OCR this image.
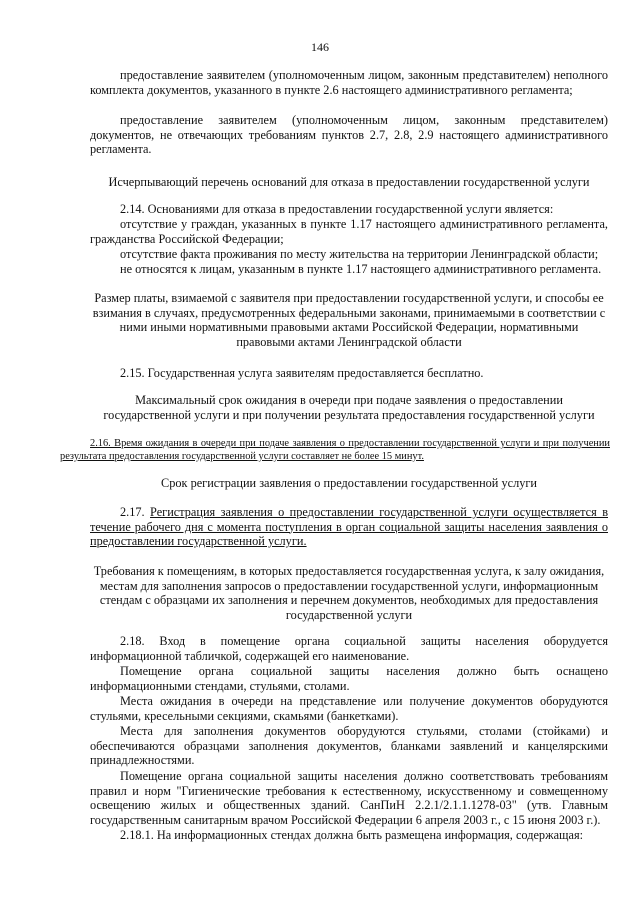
146
предоставление заявителем (уполномоченным лицом, законным представителем) неполного комплекта документов, указанного в пункте 2.6 настоящего административного регламента;
предоставление заявителем (уполномоченным лицом, законным представителем) документов, не отвечающих требованиям пунктов 2.7, 2.8, 2.9 настоящего административного регламента.
Исчерпывающий перечень оснований для отказа в предоставлении государственной услуги
2.14. Основаниями для отказа в предоставлении государственной услуги является:
отсутствие у граждан, указанных в пункте 1.17 настоящего административного регламента, гражданства Российской Федерации;
отсутствие факта проживания по месту жительства на территории Ленинградской области;
не относятся к лицам, указанным в пункте 1.17 настоящего административного регламента.
Размер платы, взимаемой с заявителя при предоставлении государственной услуги, и способы ее взимания в случаях, предусмотренных федеральными законами, принимаемыми в соответствии с ними иными нормативными правовыми актами Российской Федерации, нормативными правовыми актами Ленинградской области
2.15. Государственная услуга заявителям предоставляется бесплатно.
Максимальный срок ожидания в очереди при подаче заявления о предоставлении государственной услуги и при получении результата предоставления государственной услуги
2.16. Время ожидания в очереди при подаче заявления о предоставлении государственной услуги и при получении результата предоставления государственной услуги составляет не более 15 минут.
Срок регистрации заявления о предоставлении государственной услуги
2.17. Регистрация заявления о предоставлении государственной услуги осуществляется в течение рабочего дня с момента поступления в орган социальной защиты населения заявления о предоставлении государственной услуги.
Требования к помещениям, в которых предоставляется государственная услуга, к залу ожидания, местам для заполнения запросов о предоставлении государственной услуги, информационным стендам с образцами их заполнения и перечнем документов, необходимых для предоставления государственной услуги
2.18. Вход в помещение органа социальной защиты населения оборудуется информационной табличкой, содержащей его наименование.
Помещение органа социальной защиты населения должно быть оснащено информационными стендами, стульями, столами.
Места ожидания в очереди на представление или получение документов оборудуются стульями, кресельными секциями, скамьями (банкетками).
Места для заполнения документов оборудуются стульями, столами (стойками) и обеспечиваются образцами заполнения документов, бланками заявлений и канцелярскими принадлежностями.
Помещение органа социальной защиты населения должно соответствовать требованиям правил и норм "Гигиенические требования к естественному, искусственному и совмещенному освещению жилых и общественных зданий. СанПиН 2.2.1/2.1.1.1278-03" (утв. Главным государственным санитарным врачом Российской Федерации 6 апреля 2003 г., с 15 июня 2003 г.).
2.18.1. На информационных стендах должна быть размещена информация, содержащая:
